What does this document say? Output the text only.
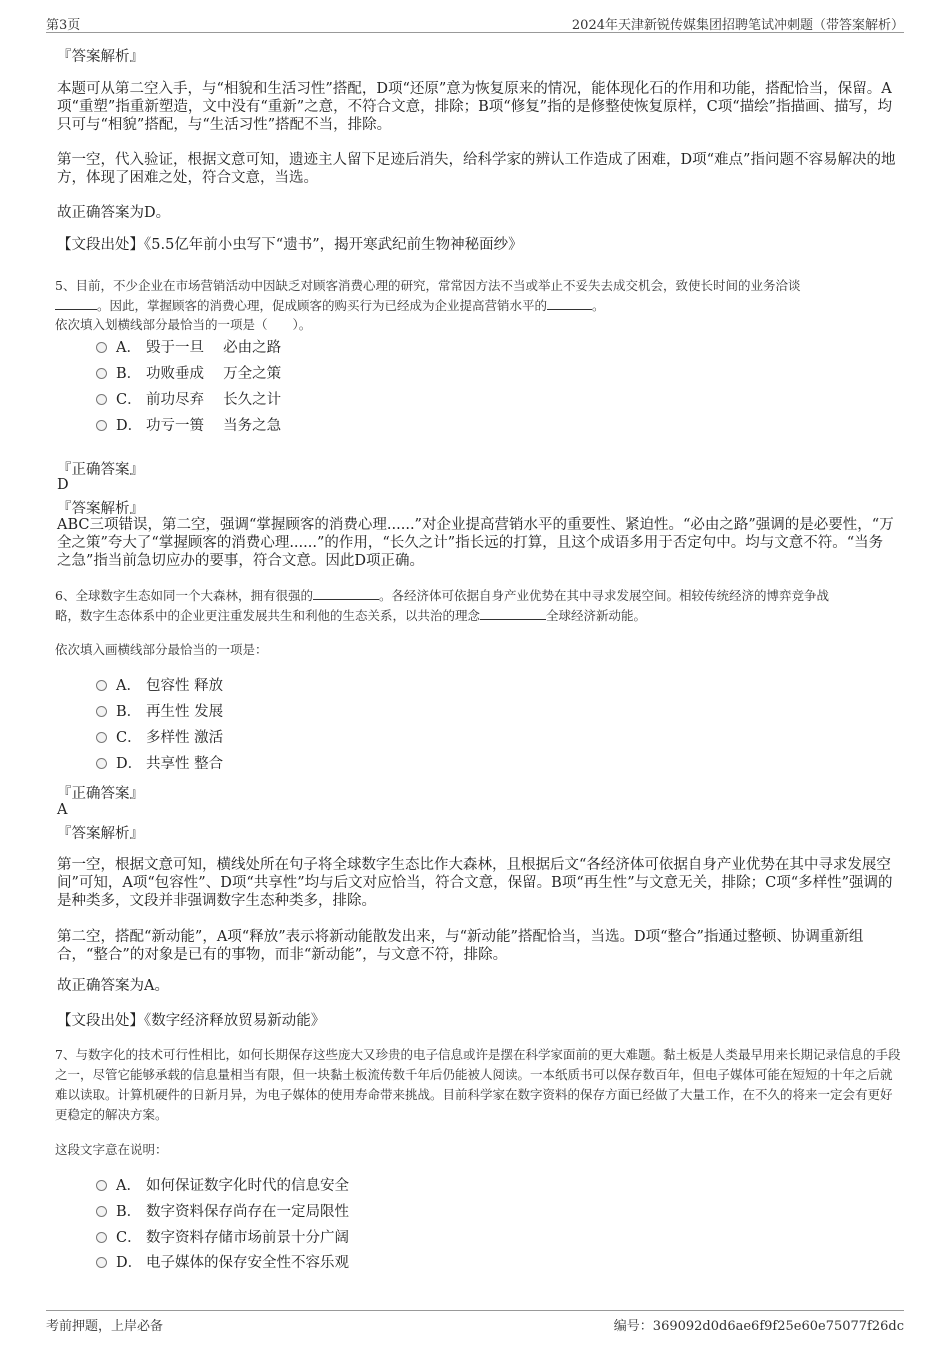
第3页	2024年天津新锐传媒集团招聘笔试冲刺题（带答案解析）
『答案解析』
本题可从第二空入手，与“相貌和生活习性”搭配，D项“还原”意为恢复原来的情况，能体现化石的作用和功能，搭配恰当，保留。A项“重塑”指重新塑造，文中没有“重新”之意，不符合文意，排除；B项“修复”指的是修整使恢复原样，C项“描绘”指描画、描写，均只可与“相貌”搭配，与“生活习性”搭配不当，排除。
第一空，代入验证，根据文意可知，遗迹主人留下足迹后消失，给科学家的辨认工作造成了困难，D项“难点”指问题不容易解决的地方，体现了困难之处，符合文意，当选。
故正确答案为D。
【文段出处】《5.5亿年前小虫写下“遗书”，揭开寒武纪前生物神秘面纱》
5、目前，不少企业在市场营销活动中因缺乏对顾客消费心理的研究，常常因方法不当或举止不妥失去成交机会，致使长时间的业务洽谈
。因此，掌握顾客的消费心理，促成顾客的购买行为已经成为企业提高营销水平的	。
依次填入划横线部分最恰当的一项是（　　）。
A． 毁于一旦　 必由之路
B． 功败垂成　 万全之策
C． 前功尽弃　 长久之计
D． 功亏一篑　 当务之急
『正确答案』
D
『答案解析』
ABC三项错误，第二空，强调“掌握顾客的消费心理......”对企业提高营销水平的重要性、紧迫性。“必由之路”强调的是必要性，“万全之策”夸大了“掌握顾客的消费心理......”的作用，“长久之计”指长远的打算，且这个成语多用于否定句中。均与文意不符。“当务之急”指当前急切应办的要事，符合文意。因此D项正确。
6、全球数字生态如同一个大森林，拥有很强的	。各经济体可依据自身产业优势在其中寻求发展空间。相较传统经济的博弈竞争战
略，数字生态体系中的企业更注重发展共生和利他的生态关系，以共治的理念	全球经济新动能。
依次填入画横线部分最恰当的一项是：
A． 包容性 释放
B． 再生性 发展
C． 多样性 激活
D． 共享性 整合
『正确答案』
A
『答案解析』
第一空，根据文意可知，横线处所在句子将全球数字生态比作大森林，且根据后文“各经济体可依据自身产业优势在其中寻求发展空间”可知，A项“包容性”、D项“共享性”均与后文对应恰当，符合文意，保留。B项“再生性”与文意无关，排除；C项“多样性”强调的是种类多，文段并非强调数字生态种类多，排除。
第二空，搭配“新动能”，A项“释放”表示将新动能散发出来，与“新动能”搭配恰当，当选。D项“整合”指通过整顿、协调重新组合，“整合”的对象是已有的事物，而非“新动能”，与文意不符，排除。
故正确答案为A。
【文段出处】《数字经济释放贸易新动能》
7、与数字化的技术可行性相比，如何长期保存这些庞大又珍贵的电子信息或许是摆在科学家面前的更大难题。黏土板是人类最早用来长期记录信息的手段之一，尽管它能够承载的信息量相当有限，但一块黏土板流传数千年后仍能被人阅读。一本纸质书可以保存数百年，但电子媒体可能在短短的十年之后就难以读取。计算机硬件的日新月异，为电子媒体的使用寿命带来挑战。目前科学家在数字资料的保存方面已经做了大量工作，在不久的将来一定会有更好更稳定的解决方案。
这段文字意在说明：
A． 如何保证数字化时代的信息安全
B． 数字资料保存尚存在一定局限性
C． 数字资料存储市场前景十分广阔
D． 电子媒体的保存安全性不容乐观
考前押题，上岸必备	编号：369092d0d6ae6f9f25e60e75077f26dc
